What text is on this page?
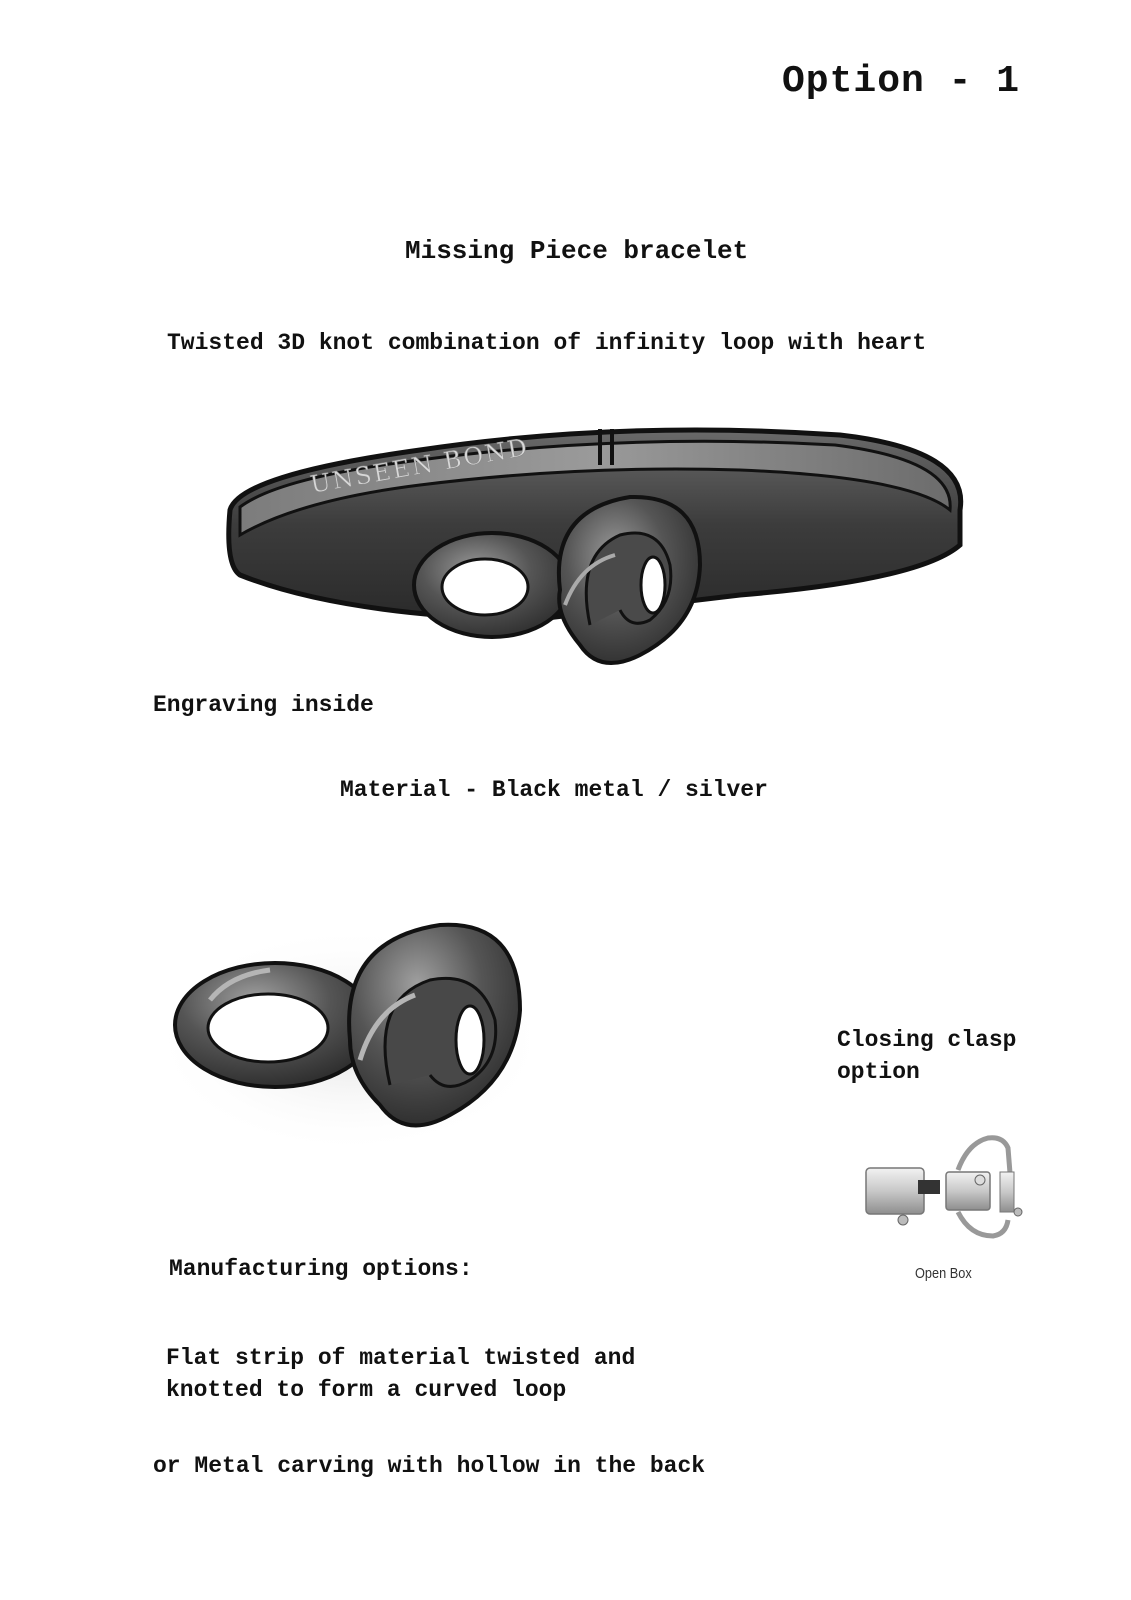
Option - 1
Missing Piece bracelet
Twisted 3D knot combination of infinity loop with heart
UNSEEN BOND
Engraving inside
Material - Black metal / silver
Closing clasp
option
Open Box
Manufacturing options:
Flat strip of material twisted and
knotted to form a curved loop
or Metal carving with hollow in the back
